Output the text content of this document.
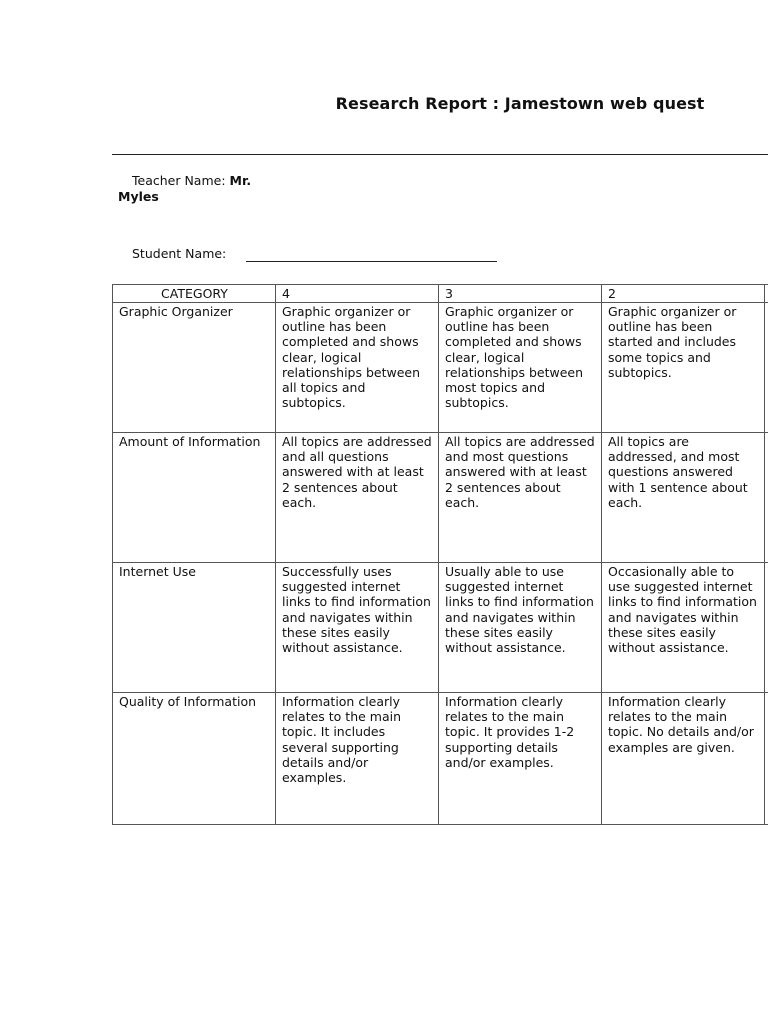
Research Report : Jamestown web quest
Teacher Name: Mr.
Myles
Student Name:
CATEGORY	4	3	2	
Graphic Organizer	Graphic organizer or outline has been completed and shows clear, logical relationships between all topics and subtopics.	Graphic organizer or outline has been completed and shows clear, logical relationships between most topics and subtopics.	Graphic organizer or outline has been started and includes some topics and subtopics.	
Amount of Information	All topics are addressed and all questions answered with at least 2 sentences about each.	All topics are addressed and most questions answered with at least 2 sentences about each.	All topics are addressed, and most questions answered with 1 sentence about each.	
Internet Use	Successfully uses suggested internet links to find information and navigates within these sites easily without assistance.	Usually able to use suggested internet links to find information and navigates within these sites easily without assistance.	Occasionally able to use suggested internet links to find information and navigates within these sites easily without assistance.	
Quality of Information	Information clearly relates to the main topic. It includes several supporting details and/or examples.	Information clearly relates to the main topic. It provides 1-2 supporting details and/or examples.	Information clearly relates to the main topic. No details and/or examples are given.	
